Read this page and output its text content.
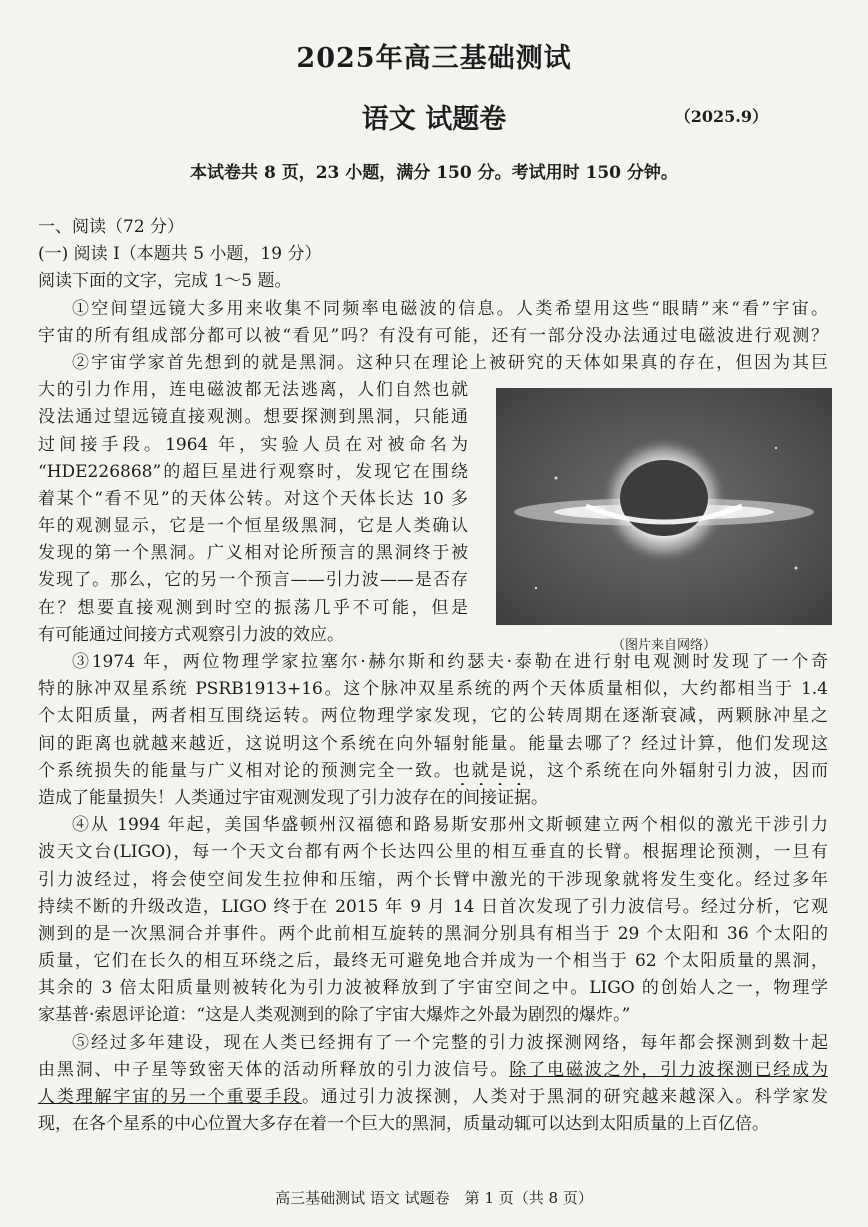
2025年高三基础测试
语文 试题卷	（2025.9）
本试卷共 8 页，23 小题，满分 150 分。考试用时 150 分钟。
一、阅读（72 分）
(一) 阅读 I（本题共 5 小题，19 分）
阅读下面的文字，完成 1～5 题。
①空间望远镜大多用来收集不同频率电磁波的信息。人类希望用这些“眼睛”来“看”宇宙。
宇宙的所有组成部分都可以被“看见”吗？有没有可能，还有一部分没办法通过电磁波进行观测？
②宇宙学家首先想到的就是黑洞。这种只在理论上被研究的天体如果真的存在，但因为其巨
大的引力作用，连电磁波都无法逃离，人们自然也就
没法通过望远镜直接观测。想要探测到黑洞，只能通
过间接手段。1964 年，实验人员在对被命名为
“HDE226868”的超巨星进行观察时，发现它在围绕
着某个“看不见”的天体公转。对这个天体长达 10 多
年的观测显示，它是一个恒星级黑洞，它是人类确认
发现的第一个黑洞。广义相对论所预言的黑洞终于被
发现了。那么，它的另一个预言——引力波——是否存
在？想要直接观测到时空的振荡几乎不可能，但是
有可能通过间接方式观察引力波的效应。
③1974 年，两位物理学家拉塞尔·赫尔斯和约瑟夫·泰勒在进行射电观测时发现了一个奇
特的脉冲双星系统 PSRB1913+16。这个脉冲双星系统的两个天体质量相似，大约都相当于 1.4
个太阳质量，两者相互围绕运转。两位物理学家发现，它的公转周期在逐渐衰减，两颗脉冲星之
间的距离也就越来越近，这说明这个系统在向外辐射能量。能量去哪了？经过计算，他们发现这
个系统损失的能量与广义相对论的预测完全一致。也就是说，这个系统在向外辐射引力波，因而
造成了能量损失！人类通过宇宙观测发现了引力波存在的间接证据。
④从 1994 年起，美国华盛顿州汉福德和路易斯安那州文斯顿建立两个相似的激光干涉引力
波天文台(LIGO)，每一个天文台都有两个长达四公里的相互垂直的长臂。根据理论预测，一旦有
引力波经过，将会使空间发生拉伸和压缩，两个长臂中激光的干涉现象就将发生变化。经过多年
持续不断的升级改造，LIGO 终于在 2015 年 9 月 14 日首次发现了引力波信号。经过分析，它观
测到的是一次黑洞合并事件。两个此前相互旋转的黑洞分别具有相当于 29 个太阳和 36 个太阳的
质量，它们在长久的相互环绕之后，最终无可避免地合并成为一个相当于 62 个太阳质量的黑洞，
其余的 3 倍太阳质量则被转化为引力波被释放到了宇宙空间之中。LIGO 的创始人之一，物理学
家基普·索恩评论道：“这是人类观测到的除了宇宙大爆炸之外最为剧烈的爆炸。”
⑤经过多年建设，现在人类已经拥有了一个完整的引力波探测网络，每年都会探测到数十起
由黑洞、中子星等致密天体的活动所释放的引力波信号。除了电磁波之外，引力波探测已经成为
人类理解宇宙的另一个重要手段。通过引力波探测，人类对于黑洞的研究越来越深入。科学家发
现，在各个星系的中心位置大多存在着一个巨大的黑洞，质量动辄可以达到太阳质量的上百亿倍。
（图片来自网络）
高三基础测试 语文 试题卷　第 1 页（共 8 页）
